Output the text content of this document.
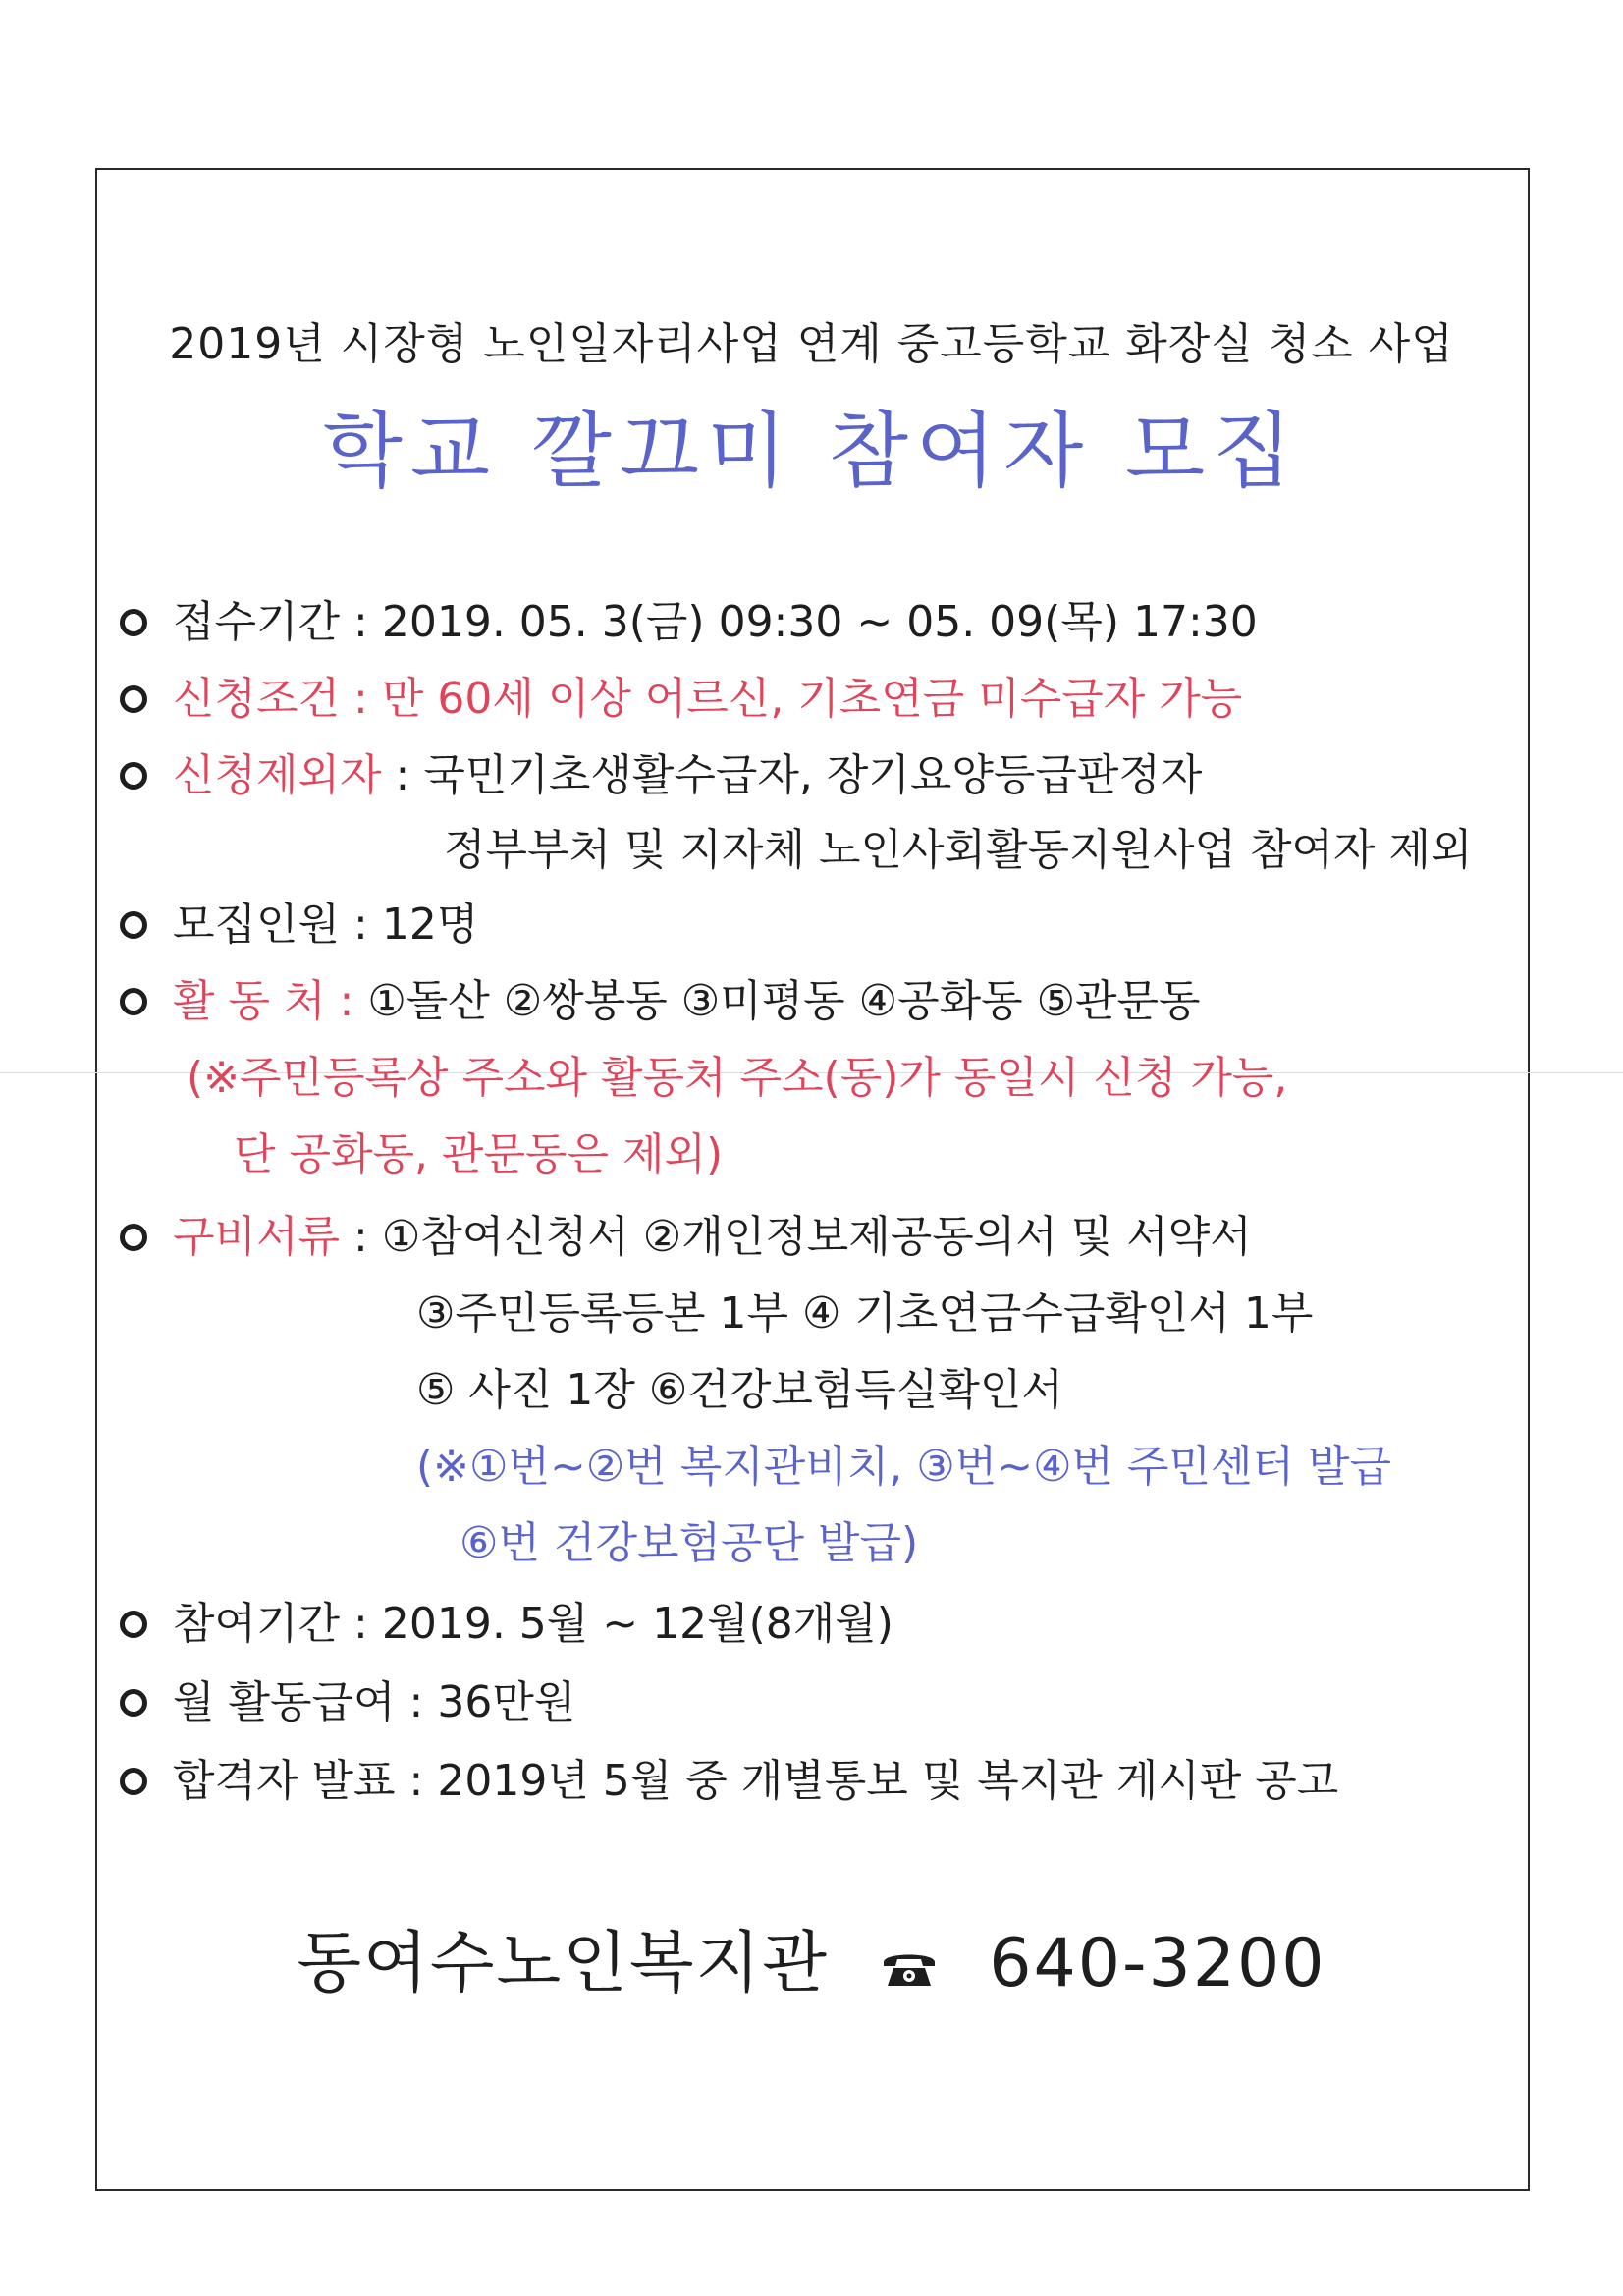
2019년 시장형 노인일자리사업 연계 중고등학교 화장실 청소 사업
학교 깔끄미 참여자 모집
접수기간 : 2019. 05. 3(금) 09:30 ~ 05. 09(목) 17:30
신청조건 : 만 60세 이상 어르신, 기초연금 미수급자 가능
신청제외자 : 국민기초생활수급자, 장기요양등급판정자
정부부처 및 지자체 노인사회활동지원사업 참여자 제외
모집인원 : 12명
활 동 처 : ①돌산 ②쌍봉동 ③미평동 ④공화동 ⑤관문동
(※주민등록상 주소와 활동처 주소(동)가 동일시 신청 가능,
단 공화동, 관문동은 제외)
구비서류 : ①참여신청서 ②개인정보제공동의서 및 서약서
③주민등록등본 1부 ④ 기초연금수급확인서 1부
⑤ 사진 1장 ⑥건강보험득실확인서
(※①번~②번 복지관비치, ③번~④번 주민센터 발급
⑥번 건강보험공단 발급)
참여기간 : 2019. 5월 ~ 12월(8개월)
월 활동급여 : 36만원
합격자 발표 : 2019년 5월 중 개별통보 및 복지관 게시판 공고
동여수노인복지관 640-3200
